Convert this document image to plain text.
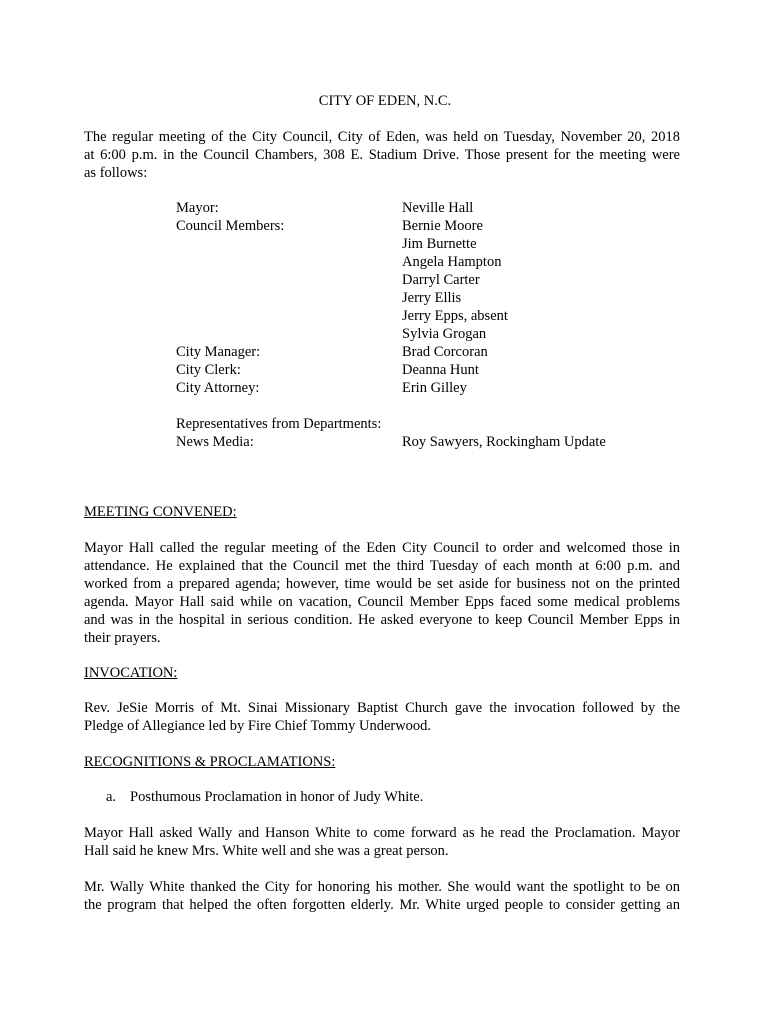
CITY OF EDEN, N.C.
The regular meeting of the City Council, City of Eden, was held on Tuesday, November 20, 2018
at 6:00 p.m. in the Council Chambers, 308 E. Stadium Drive. Those present for the meeting were
as follows:
Mayor:	Neville Hall
Council Members:	Bernie Moore
Jim Burnette
Angela Hampton
Darryl Carter
Jerry Ellis
Jerry Epps, absent
Sylvia Grogan
City Manager:	Brad Corcoran
City Clerk:	Deanna Hunt
City Attorney:	Erin Gilley
Representatives from Departments:
News Media:	Roy Sawyers, Rockingham Update
MEETING CONVENED:
Mayor Hall called the regular meeting of the Eden City Council to order and welcomed those in
attendance. He explained that the Council met the third Tuesday of each month at 6:00 p.m. and
worked from a prepared agenda; however, time would be set aside for business not on the printed
agenda. Mayor Hall said while on vacation, Council Member Epps faced some medical problems
and was in the hospital in serious condition. He asked everyone to keep Council Member Epps in
their prayers.
INVOCATION:
Rev. JeSie Morris of Mt. Sinai Missionary Baptist Church gave the invocation followed by the
Pledge of Allegiance led by Fire Chief Tommy Underwood.
RECOGNITIONS & PROCLAMATIONS:
a. Posthumous Proclamation in honor of Judy White.
Mayor Hall asked Wally and Hanson White to come forward as he read the Proclamation. Mayor
Hall said he knew Mrs. White well and she was a great person.
Mr. Wally White thanked the City for honoring his mother. She would want the spotlight to be on
the program that helped the often forgotten elderly. Mr. White urged people to consider getting an
